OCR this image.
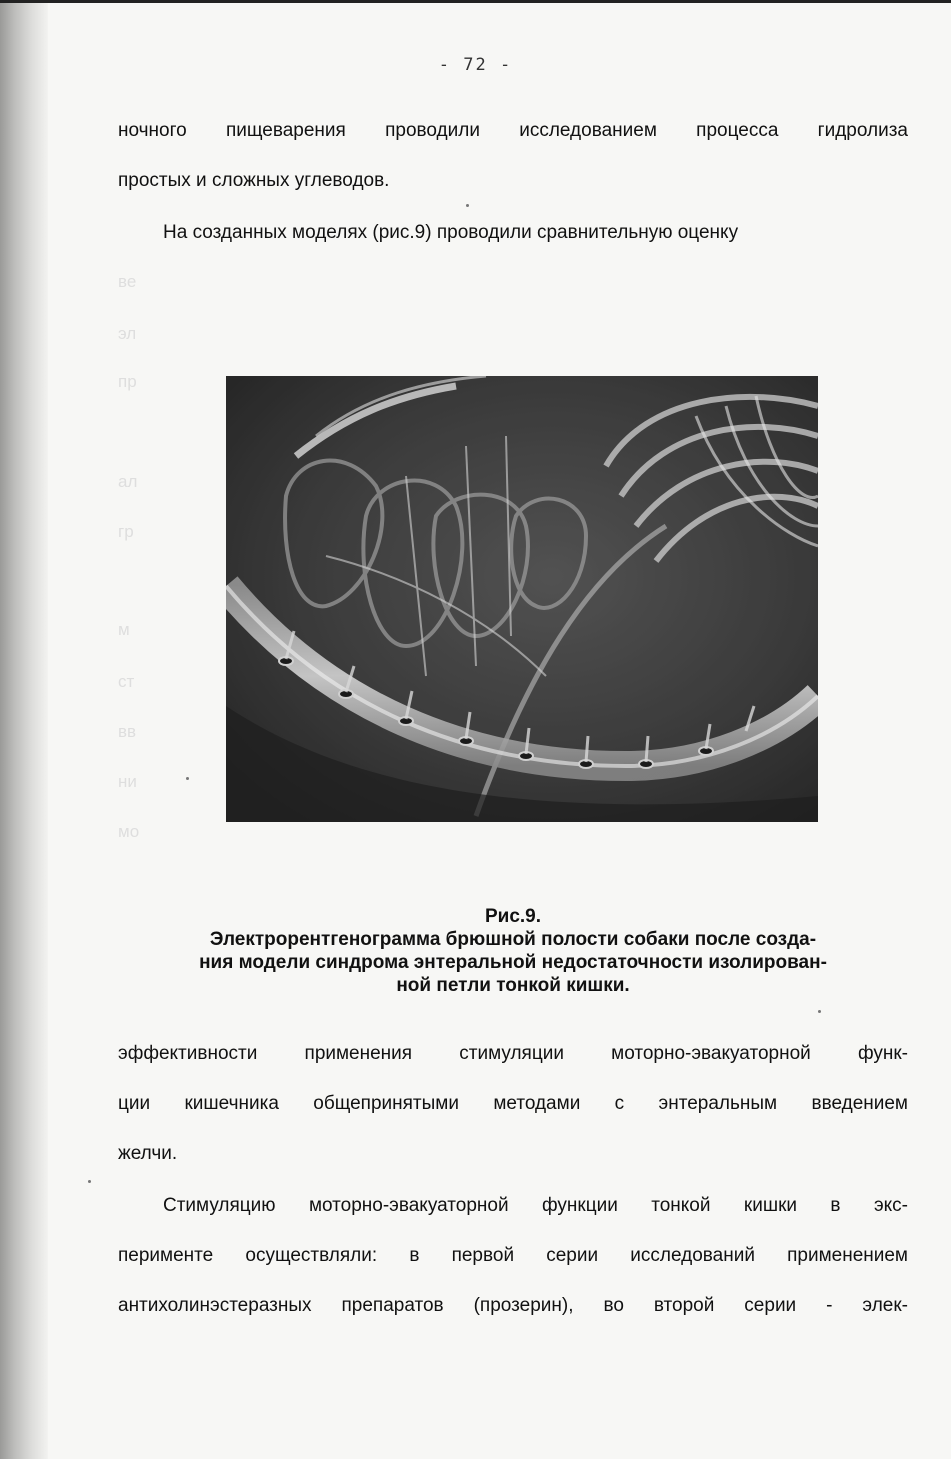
- 72 -
ночного пищеварения проводили исследованием процесса гидролиза
простых и сложных углеводов.
На созданных моделях (рис.9) проводили сравнительную оценку
ве
эл
пр
ал
гр
м
ст
вв
ни
мо
Рис.9.
Электрорентгенограмма брюшной полости собаки после созда-
ния модели синдрома энтеральной недостаточности изолирован-
ной петли тонкой кишки.
эффективности применения стимуляции моторно-эвакуаторной функ-
ции кишечника общепринятыми методами с энтеральным введением
желчи.
Стимуляцию моторно-эвакуаторной функции тонкой кишки в экс-
перименте осуществляли: в первой серии исследований применением
антихолинэстеразных препаратов (прозерин), во второй серии - элек-
